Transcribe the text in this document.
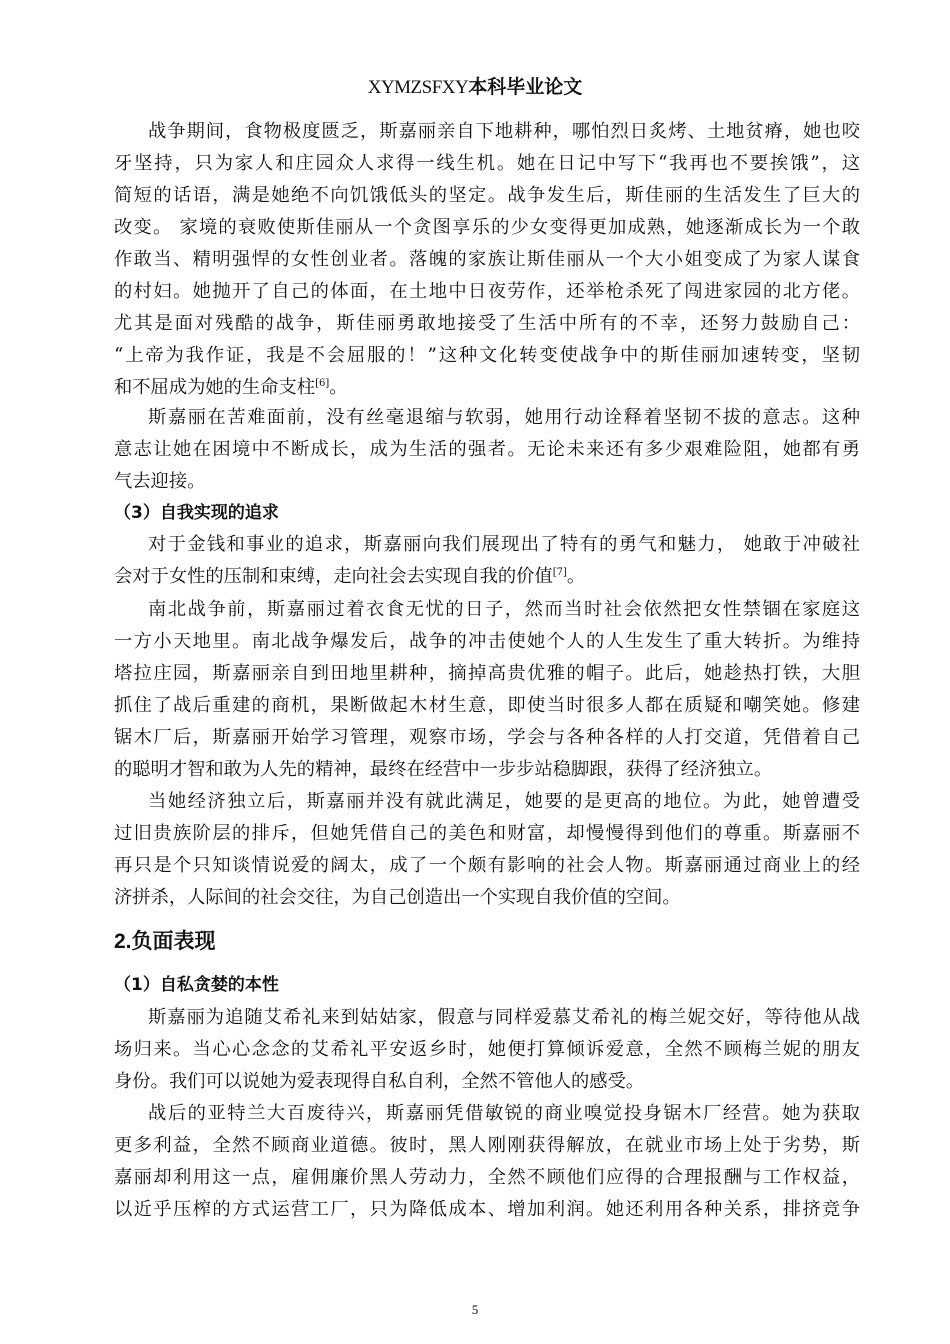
XYMZSFXY本科毕业论文
战争期间，食物极度匮乏，斯嘉丽亲自下地耕种，哪怕烈日炙烤、土地贫瘠，她也咬
牙坚持，只为家人和庄园众人求得一线生机。她在日记中写下“我再也不要挨饿”，这
简短的话语，满是她绝不向饥饿低头的坚定。战争发生后，斯佳丽的生活发生了巨大的
改变。 家境的衰败使斯佳丽从一个贪图享乐的少女变得更加成熟，她逐渐成长为一个敢
作敢当、精明强悍的女性创业者。落魄的家族让斯佳丽从一个大小姐变成了为家人谋食
的村妇。她抛开了自己的体面，在土地中日夜劳作，还举枪杀死了闯进家园的北方佬。
尤其是面对残酷的战争，斯佳丽勇敢地接受了生活中所有的不幸，还努力鼓励自己：
“上帝为我作证，我是不会屈服的！”这种文化转变使战争中的斯佳丽加速转变，坚韧
和不屈成为她的生命支柱[6]。
斯嘉丽在苦难面前，没有丝毫退缩与软弱，她用行动诠释着坚韧不拔的意志。这种
意志让她在困境中不断成长，成为生活的强者。无论未来还有多少艰难险阻，她都有勇
气去迎接。
（3）自我实现的追求
对于金钱和事业的追求，斯嘉丽向我们展现出了特有的勇气和魅力， 她敢于冲破社
会对于女性的压制和束缚，走向社会去实现自我的价值[7]。
南北战争前，斯嘉丽过着衣食无忧的日子，然而当时社会依然把女性禁锢在家庭这
一方小天地里。南北战争爆发后，战争的冲击使她个人的人生发生了重大转折。为维持
塔拉庄园，斯嘉丽亲自到田地里耕种，摘掉高贵优雅的帽子。此后，她趁热打铁，大胆
抓住了战后重建的商机，果断做起木材生意，即使当时很多人都在质疑和嘲笑她。修建
锯木厂后，斯嘉丽开始学习管理，观察市场，学会与各种各样的人打交道，凭借着自己
的聪明才智和敢为人先的精神，最终在经营中一步步站稳脚跟，获得了经济独立。
当她经济独立后，斯嘉丽并没有就此满足，她要的是更高的地位。为此，她曾遭受
过旧贵族阶层的排斥，但她凭借自己的美色和财富，却慢慢得到他们的尊重。斯嘉丽不
再只是个只知谈情说爱的阔太，成了一个颇有影响的社会人物。斯嘉丽通过商业上的经
济拼杀，人际间的社会交往，为自己创造出一个实现自我价值的空间。
2.负面表现
（1）自私贪婪的本性
斯嘉丽为追随艾希礼来到姑姑家，假意与同样爱慕艾希礼的梅兰妮交好，等待他从战
场归来。当心心念念的艾希礼平安返乡时，她便打算倾诉爱意，全然不顾梅兰妮的朋友
身份。我们可以说她为爱表现得自私自利，全然不管他人的感受。
战后的亚特兰大百废待兴，斯嘉丽凭借敏锐的商业嗅觉投身锯木厂经营。她为获取
更多利益，全然不顾商业道德。彼时，黑人刚刚获得解放，在就业市场上处于劣势，斯
嘉丽却利用这一点，雇佣廉价黑人劳动力，全然不顾他们应得的合理报酬与工作权益，
以近乎压榨的方式运营工厂，只为降低成本、增加利润。她还利用各种关系，排挤竞争
5
